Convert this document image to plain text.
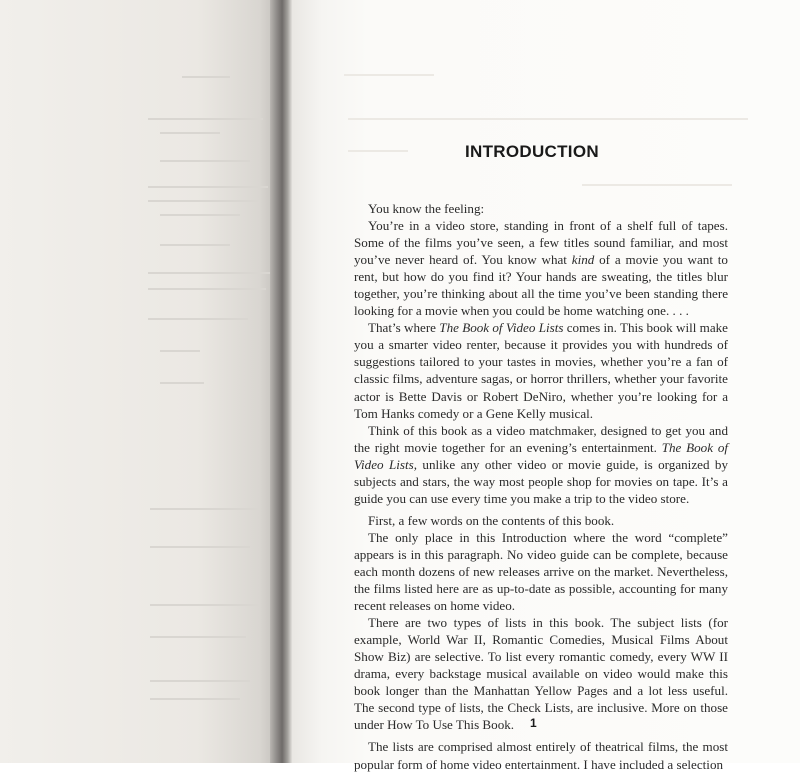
INTRODUCTION

You know the feeling:

You’re in a video store, standing in front of a shelf full of tapes. Some of the films you’ve seen, a few titles sound familiar, and most you’ve never heard of. You know what kind of a movie you want to rent, but how do you find it? Your hands are sweating, the titles blur together, you’re thinking about all the time you’ve been standing there looking for a movie when you could be home watching one. . . .

That’s where The Book of Video Lists comes in. This book will make you a smarter video renter, because it provides you with hundreds of suggestions tailored to your tastes in movies, whether you’re a fan of classic films, adventure sagas, or horror thrillers, whether your favorite actor is Bette Davis or Robert DeNiro, whether you’re looking for a Tom Hanks comedy or a Gene Kelly musical.

Think of this book as a video matchmaker, designed to get you and the right movie together for an evening’s entertainment. The Book of Video Lists, unlike any other video or movie guide, is organized by subjects and stars, the way most people shop for movies on tape. It’s a guide you can use every time you make a trip to the video store.

First, a few words on the contents of this book.

The only place in this Introduction where the word “complete” appears is in this paragraph. No video guide can be complete, because each month dozens of new releases arrive on the market. Nevertheless, the films listed here are as up-to-date as possible, accounting for many recent releases on home video.

There are two types of lists in this book. The subject lists (for example, World War II, Romantic Comedies, Musical Films About Show Biz) are selective. To list every romantic comedy, every WW II drama, every backstage musical available on video would make this book longer than the Manhattan Yellow Pages and a lot less useful. The second type of lists, the Check Lists, are inclusive. More on those under How To Use This Book.

The lists are comprised almost entirely of theatrical films, the most popular form of home video entertainment. I have included a selection

1
